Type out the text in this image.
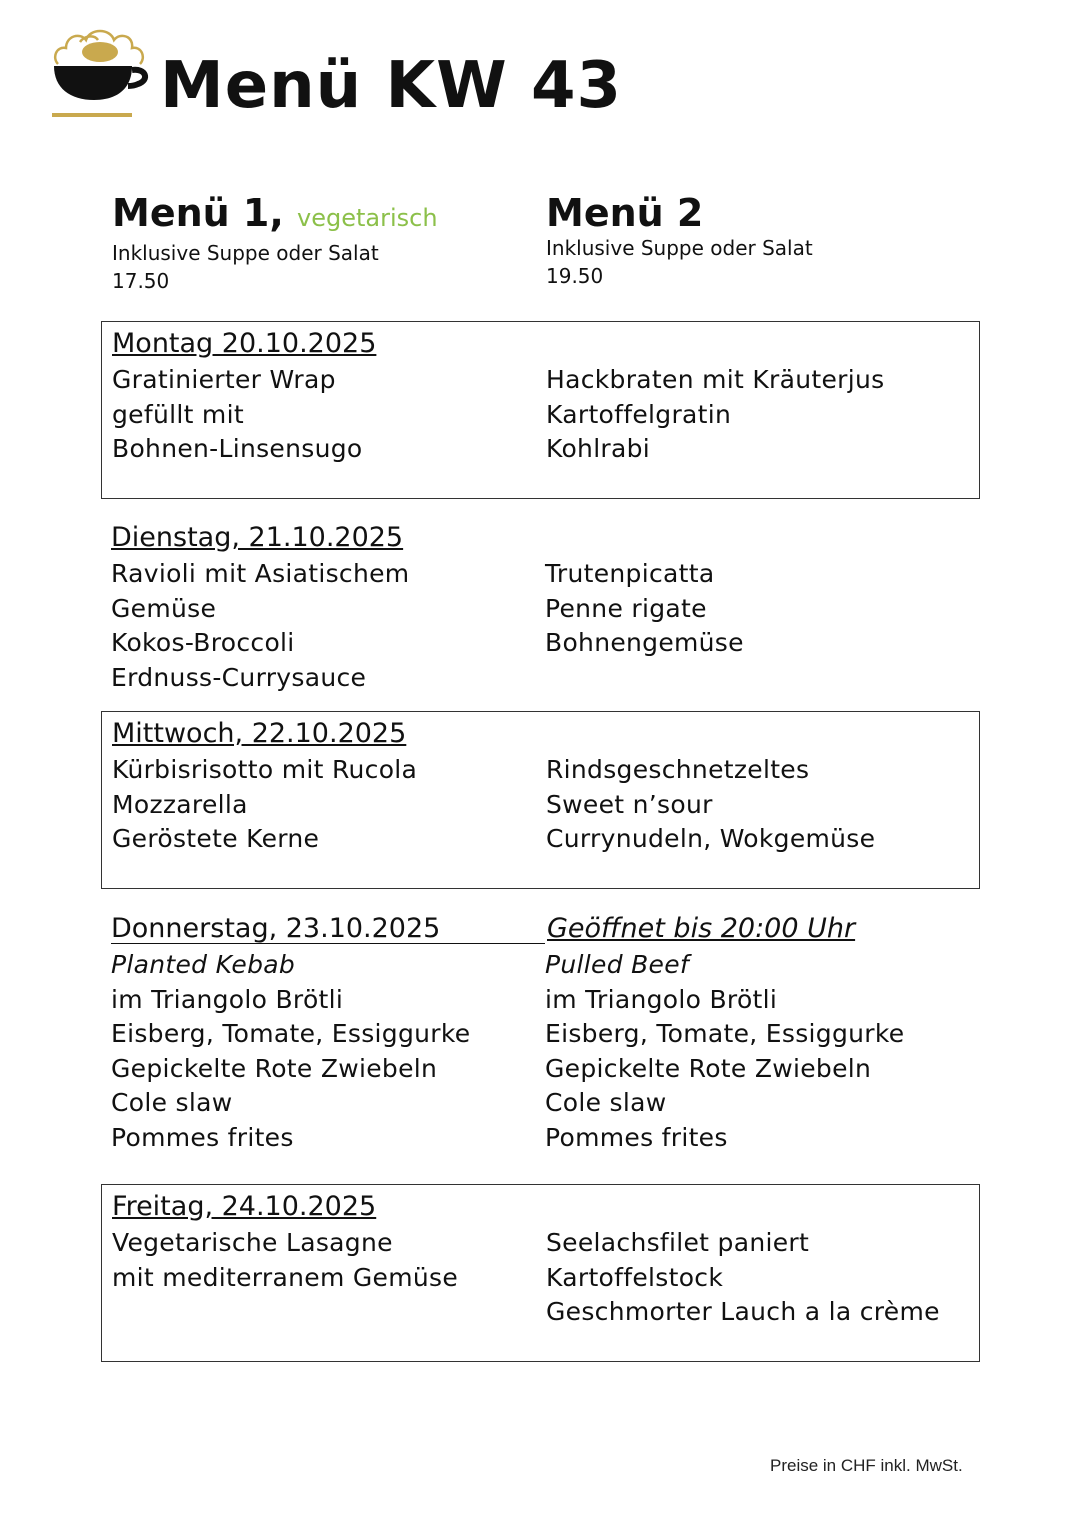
Menü KW 43
Menü 1, vegetarisch
Inklusive Suppe oder Salat
17.50
Menü 2
Inklusive Suppe oder Salat
19.50
Montag 20.10.2025
Gratinierter Wrap
gefüllt mit
Bohnen-Linsensugo
Hackbraten mit Kräuterjus
Kartoffelgratin
Kohlrabi
Dienstag, 21.10.2025
Ravioli mit Asiatischem
Gemüse
Kokos-Broccoli
Erdnuss-Currysauce
Trutenpicatta
Penne rigate
Bohnengemüse
Mittwoch, 22.10.2025
Kürbisrisotto mit Rucola
Mozzarella
Geröstete Kerne
Rindsgeschnetzeltes
Sweet n’sour
Currynudeln, Wokgemüse
Donnerstag, 23.10.2025	Geöffnet bis 20:00 Uhr
Planted Kebab
im Triangolo Brötli
Eisberg, Tomate, Essiggurke
Gepickelte Rote Zwiebeln
Cole slaw
Pommes frites
Pulled Beef
im Triangolo Brötli
Eisberg, Tomate, Essiggurke
Gepickelte Rote Zwiebeln
Cole slaw
Pommes frites
Freitag, 24.10.2025
Vegetarische Lasagne
mit mediterranem Gemüse
Seelachsfilet paniert
Kartoffelstock
Geschmorter Lauch a la crème
Preise in CHF inkl. MwSt.
